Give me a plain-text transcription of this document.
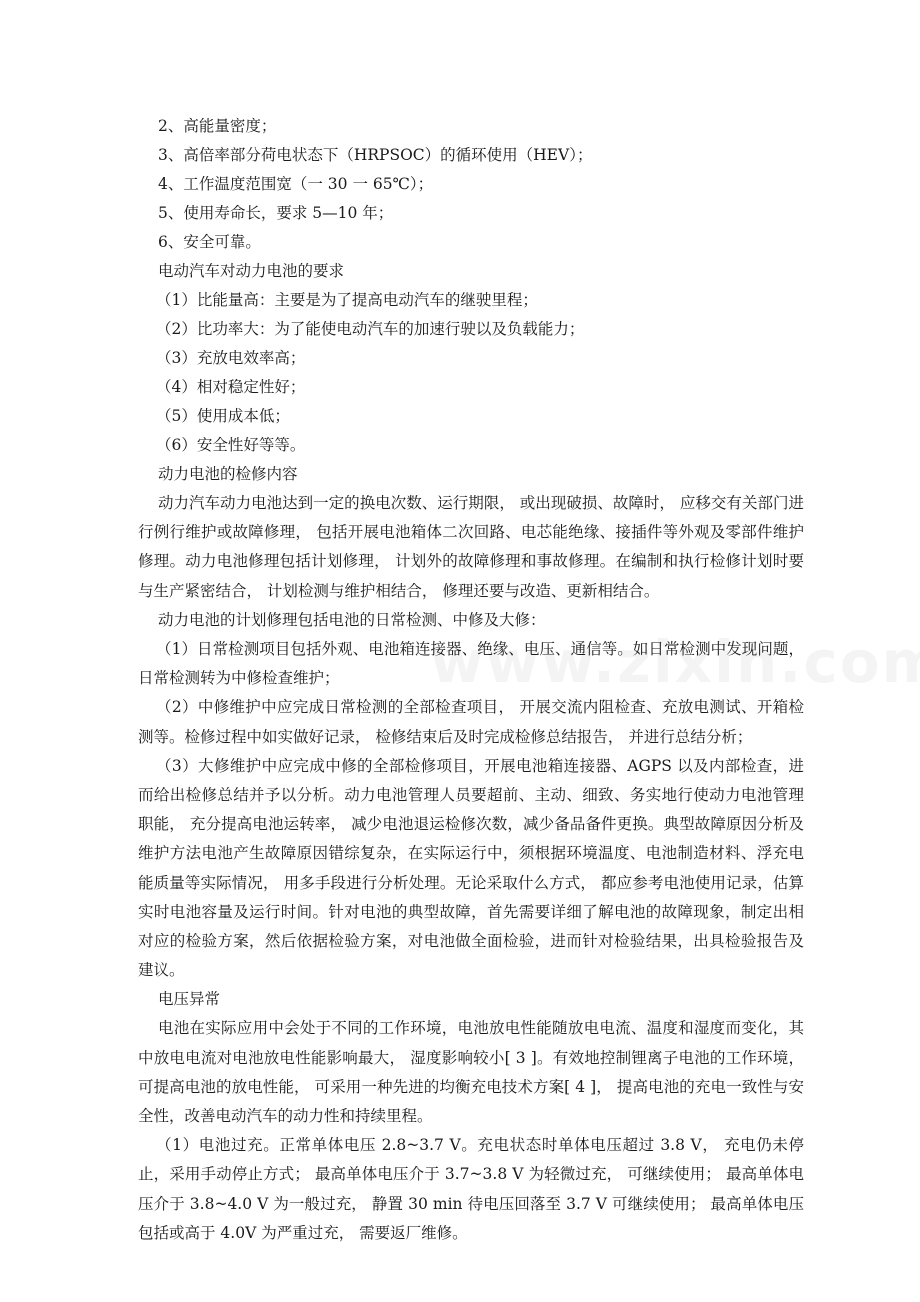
2、高能量密度；
3、高倍率部分荷电状态下（HRPSOC）的循环使用（HEV）；
4、工作温度范围宽（一 30 一 65℃）；
5、使用寿命长，要求 5—10 年；
6、安全可靠。
电动汽车对动力电池的要求
（1）比能量高：主要是为了提高电动汽车的继驶里程；
（2）比功率大：为了能使电动汽车的加速行驶以及负载能力；
（3）充放电效率高；
（4）相对稳定性好；
（5）使用成本低；
（6）安全性好等等。
动力电池的检修内容
动力汽车动力电池达到一定的换电次数、运行期限， 或出现破损、故障时， 应移交有关部门进行例行维护或故障修理， 包括开展电池箱体二次回路、电芯能绝缘、接插件等外观及零部件维护修理。动力电池修理包括计划修理， 计划外的故障修理和事故修理。在编制和执行检修计划时要与生产紧密结合， 计划检测与维护相结合， 修理还要与改造、更新相结合。
动力电池的计划修理包括电池的日常检测、中修及大修：
（1）日常检测项目包括外观、电池箱连接器、绝缘、电压、通信等。如日常检测中发现问题， 日常检测转为中修检查维护；
（2）中修维护中应完成日常检测的全部检查项目， 开展交流内阻检查、充放电测试、开箱检测等。检修过程中如实做好记录， 检修结束后及时完成检修总结报告， 并进行总结分析；
（3）大修维护中应完成中修的全部检修项目，开展电池箱连接器、AGPS 以及内部检查，进而给出检修总结并予以分析。动力电池管理人员要超前、主动、细致、务实地行使动力电池管理职能， 充分提高电池运转率， 减少电池退运检修次数，减少备品备件更换。典型故障原因分析及维护方法电池产生故障原因错综复杂，在实际运行中，须根据环境温度、电池制造材料、浮充电能质量等实际情况， 用多手段进行分析处理。无论采取什么方式， 都应参考电池使用记录，估算实时电池容量及运行时间。针对电池的典型故障，首先需要详细了解电池的故障现象，制定出相对应的检验方案，然后依据检验方案，对电池做全面检验，进而针对检验结果，出具检验报告及建议。
电压异常
电池在实际应用中会处于不同的工作环境，电池放电性能随放电电流、温度和湿度而变化，其中放电电流对电池放电性能影响最大， 湿度影响较小[ 3 ]。有效地控制锂离子电池的工作环境， 可提高电池的放电性能， 可采用一种先进的均衡充电技术方案[ 4 ]， 提高电池的充电一致性与安全性，改善电动汽车的动力性和持续里程。
（1）电池过充。正常单体电压 2.8~3.7 V。充电状态时单体电压超过 3.8 V， 充电仍未停止，采用手动停止方式； 最高单体电压介于 3.7~3.8 V 为轻微过充， 可继续使用； 最高单体电压介于 3.8~4.0 V 为一般过充， 静置 30 min 待电压回落至 3.7 V 可继续使用； 最高单体电压包括或高于 4.0V 为严重过充， 需要返厂维修。
